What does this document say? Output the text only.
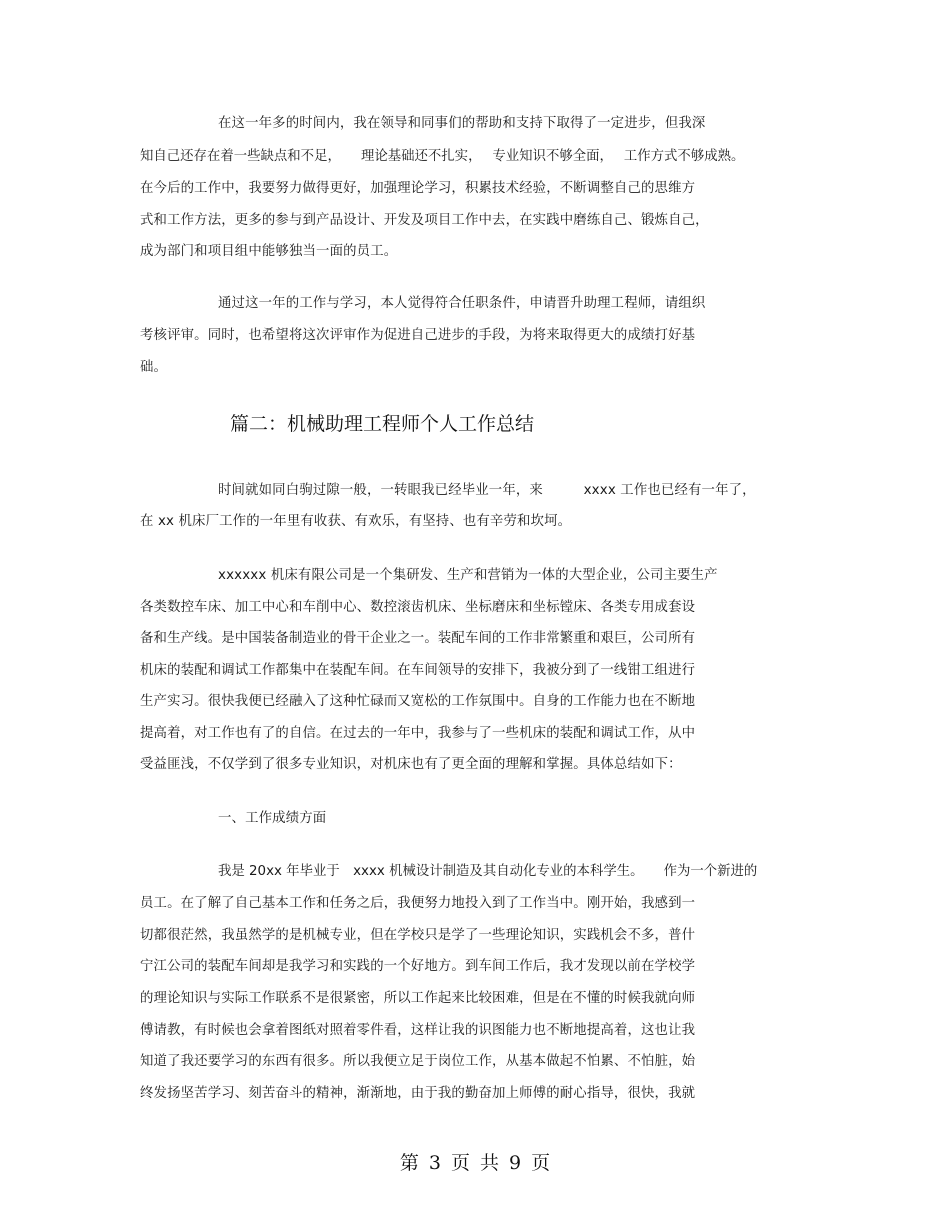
在这一年多的时间内，我在领导和同事们的帮助和支持下取得了一定进步，但我深
知自己还存在着一些缺点和不足，　　理论基础还不扎实，　 专业知识不够全面，　 工作方式不够成熟。
在今后的工作中，我要努力做得更好，加强理论学习，积累技术经验，不断调整自己的思维方
式和工作方法，更多的参与到产品设计、开发及项目工作中去，在实践中磨练自己、锻炼自己，
成为部门和项目组中能够独当一面的员工。
通过这一年的工作与学习，本人觉得符合任职条件，申请晋升助理工程师，请组织
考核评审。同时，也希望将这次评审作为促进自己进步的手段，为将来取得更大的成绩打好基
础。
篇二：机械助理工程师个人工作总结
时间就如同白驹过隙一般，一转眼我已经毕业一年，来　　　xxxx 工作也已经有一年了，
在 xx 机床厂工作的一年里有收获、有欢乐，有坚持、也有辛劳和坎坷。
xxxxxx 机床有限公司是一个集研发、生产和营销为一体的大型企业，公司主要生产
各类数控车床、加工中心和车削中心、数控滚齿机床、坐标磨床和坐标镗床、各类专用成套设
备和生产线。是中国装备制造业的骨干企业之一。装配车间的工作非常繁重和艰巨，公司所有
机床的装配和调试工作都集中在装配车间。在车间领导的安排下，我被分到了一线钳工组进行
生产实习。很快我便已经融入了这种忙碌而又宽松的工作氛围中。自身的工作能力也在不断地
提高着，对工作也有了的自信。在过去的一年中，我参与了一些机床的装配和调试工作，从中
受益匪浅，不仅学到了很多专业知识，对机床也有了更全面的理解和掌握。具体总结如下：
一、工作成绩方面
我是 20xx 年毕业于　xxxx 机械设计制造及其自动化专业的本科学生。　　作为一个新进的
员工。在了解了自己基本工作和任务之后，我便努力地投入到了工作当中。刚开始，我感到一
切都很茫然，我虽然学的是机械专业，但在学校只是学了一些理论知识，实践机会不多，普什
宁江公司的装配车间却是我学习和实践的一个好地方。到车间工作后，我才发现以前在学校学
的理论知识与实际工作联系不是很紧密，所以工作起来比较困难，但是在不懂的时候我就向师
傅请教，有时候也会拿着图纸对照着零件看，这样让我的识图能力也不断地提高着，这也让我
知道了我还要学习的东西有很多。所以我便立足于岗位工作，从基本做起不怕累、不怕脏，始
终发扬坚苦学习、刻苦奋斗的精神，渐渐地，由于我的勤奋加上师傅的耐心指导，很快，我就
第 3 页 共 9 页
